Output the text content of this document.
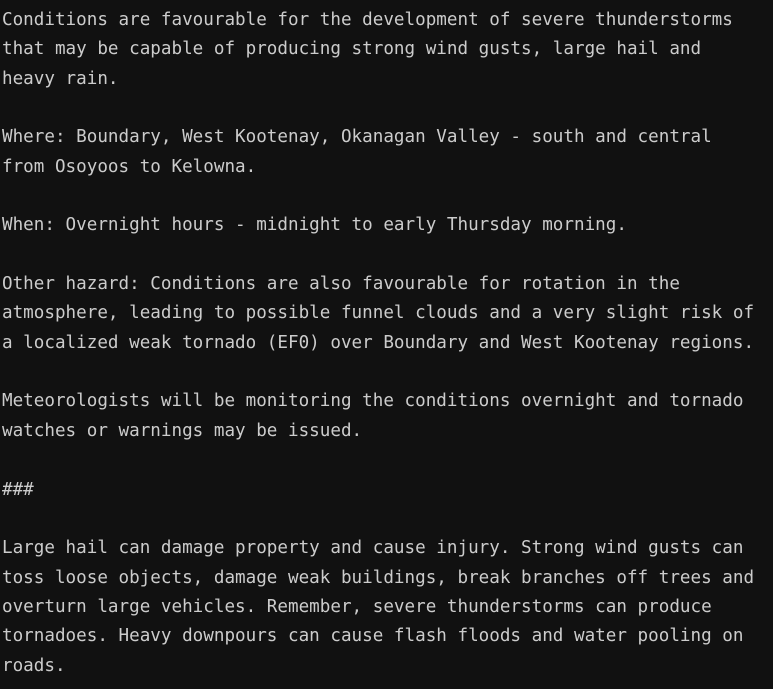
Conditions are favourable for the development of severe thunderstorms
that may be capable of producing strong wind gusts, large hail and
heavy rain.
Where: Boundary, West Kootenay, Okanagan Valley - south and central
from Osoyoos to Kelowna.
When: Overnight hours - midnight to early Thursday morning.
Other hazard: Conditions are also favourable for rotation in the
atmosphere, leading to possible funnel clouds and a very slight risk of
a localized weak tornado (EF0) over Boundary and West Kootenay regions.
Meteorologists will be monitoring the conditions overnight and tornado
watches or warnings may be issued.
###
Large hail can damage property and cause injury. Strong wind gusts can
toss loose objects, damage weak buildings, break branches off trees and
overturn large vehicles. Remember, severe thunderstorms can produce
tornadoes. Heavy downpours can cause flash floods and water pooling on
roads.
